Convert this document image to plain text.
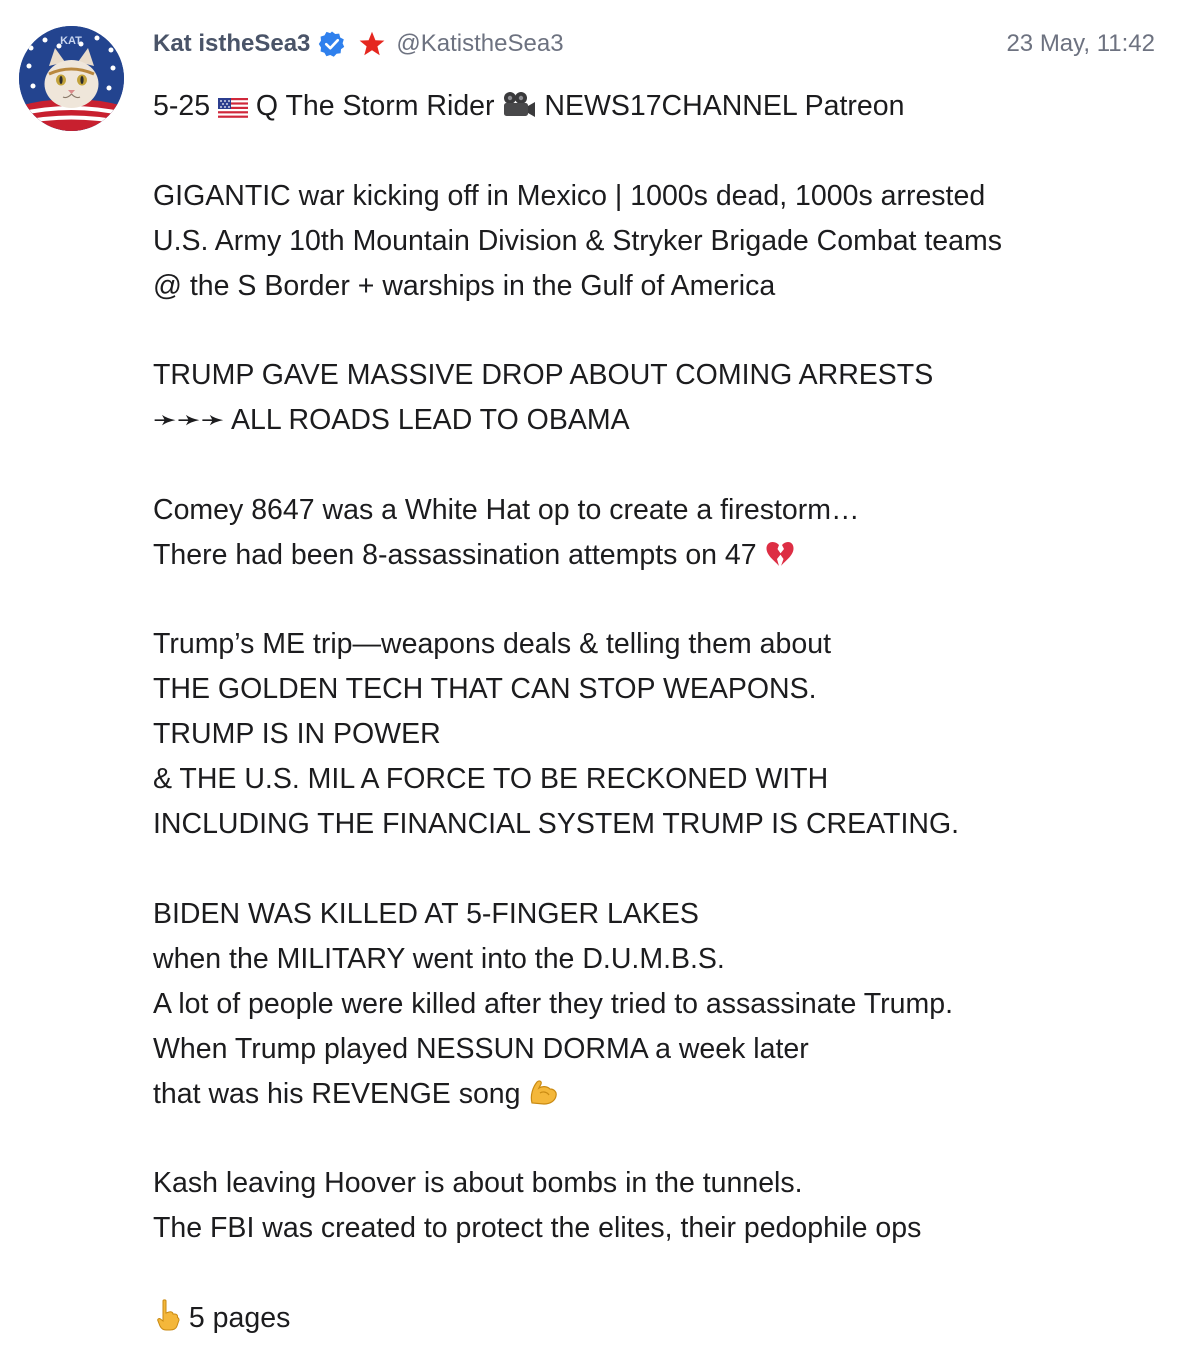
KAT	Kat istheSea3	@KatistheSea3	23 May, 11:42
5-25  Q The Storm Rider  NEWS17CHANNEL Patreon
GIGANTIC war kicking off in Mexico | 1000s dead, 1000s arrested
U.S. Army 10th Mountain Division & Stryker Brigade Combat teams
@ the S Border + warships in the Gulf of America
TRUMP GAVE MASSIVE DROP ABOUT COMING ARRESTS
➛➛➛ ALL ROADS LEAD TO OBAMA
Comey 8647 was a White Hat op to create a firestorm…
There had been 8-assassination attempts on 47
Trump’s ME trip—weapons deals & telling them about
THE GOLDEN TECH THAT CAN STOP WEAPONS.
TRUMP IS IN POWER
& THE U.S. MIL A FORCE TO BE RECKONED WITH
INCLUDING THE FINANCIAL SYSTEM TRUMP IS CREATING.
BIDEN WAS KILLED AT 5-FINGER LAKES
when the MILITARY went into the D.U.M.B.S.
A lot of people were killed after they tried to assassinate Trump.
When Trump played NESSUN DORMA a week later
that was his REVENGE song
Kash leaving Hoover is about bombs in the tunnels.
The FBI was created to protect the elites, their pedophile ops
5 pages
